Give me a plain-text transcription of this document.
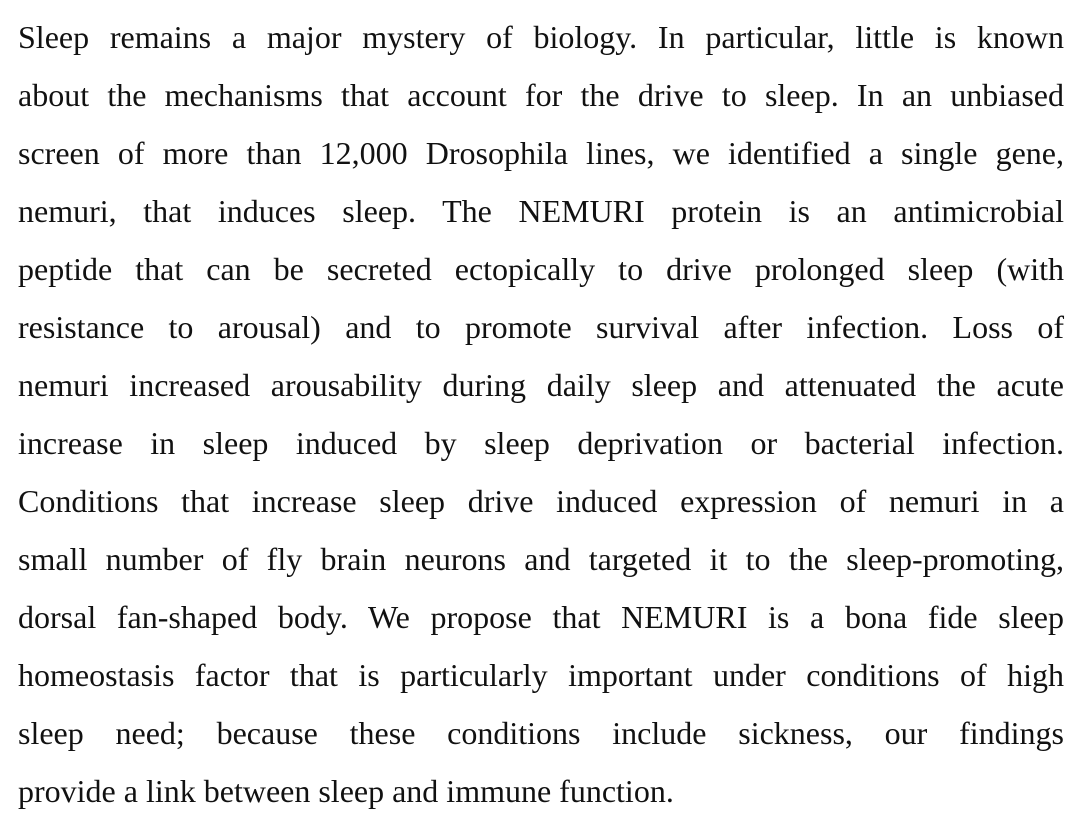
Sleep remains a major mystery of biology. In particular, little is known
about the mechanisms that account for the drive to sleep. In an unbiased
screen of more than 12,000 Drosophila lines, we identified a single gene,
nemuri, that induces sleep. The NEMURI protein is an antimicrobial
peptide that can be secreted ectopically to drive prolonged sleep (with
resistance to arousal) and to promote survival after infection. Loss of
nemuri increased arousability during daily sleep and attenuated the acute
increase in sleep induced by sleep deprivation or bacterial infection.
Conditions that increase sleep drive induced expression of nemuri in a
small number of fly brain neurons and targeted it to the sleep-promoting,
dorsal fan-shaped body. We propose that NEMURI is a bona fide sleep
homeostasis factor that is particularly important under conditions of high
sleep need; because these conditions include sickness, our findings
provide a link between sleep and immune function.
